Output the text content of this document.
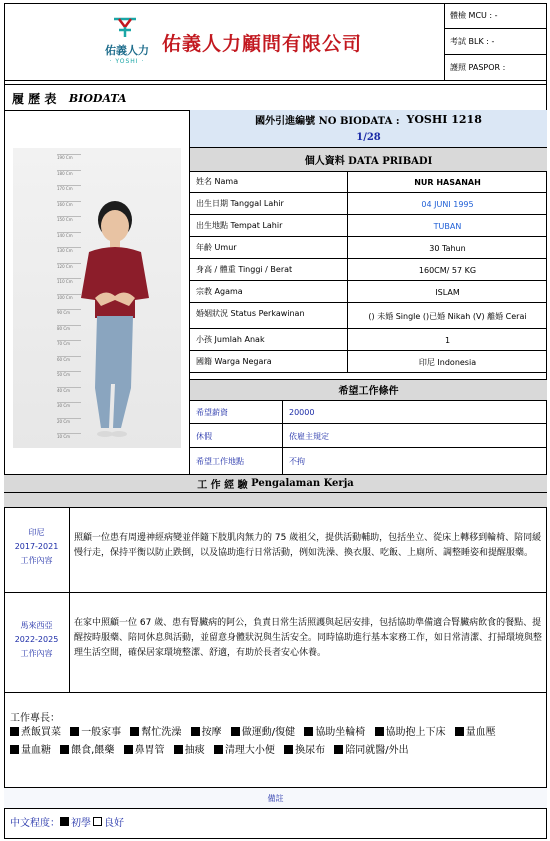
佑義人力
· YOSHI ·
佑義人力顧問有限公司
體檢 MCU : -
考試 BLK : -
護照 PASPOR :
履 歷 表
BIODATA
190 Cm
180 Cm
170 Cm
160 Cm
150 Cm
140 Cm
130 Cm
120 Cm
110 Cm
100 Cm
90 Cm
80 Cm
70 Cm
60 Cm
50 Cm
40 Cm
30 Cm
20 Cm
10 Cm
國外引進編號 NO BIODATA :
YOSHI 1218
1/28
個人資料 DATA PRIBADI
姓名 Nama	NUR HASANAH
出生日期 Tanggal Lahir	04 JUNI 1995
出生地點 Tempat Lahir	TUBAN
年齡 Umur	30 Tahun
身高 / 體重 Tinggi / Berat	160CM/ 57 KG
宗教 Agama	ISLAM
婚姻狀況 Status Perkawinan	() 未婚 Single ()已婚 Nikah (V) 離婚 Cerai
小孩 Jumlah Anak	1
國籍 Warga Negara	印尼 Indonesia
希望工作條件
希望薪資	20000
休假	依雇主規定
希望工作地點	不拘
工 作 經 驗
Pengalaman Kerja
印尼
2017-2021
工作內容
照顧一位患有周邊神經病變並伴隨下肢肌肉無力的 75 歲祖父，提供活動輔助，包括坐立、從床上轉移到輪椅、陪同緩慢行走，保持平衡以防止跌倒，以及協助進行日常活動，例如洗澡、換衣服、吃飯、上廁所、調整睡姿和提醒服藥。
馬來西亞
2022-2025
工作內容
在家中照顧一位 67 歲、患有腎臟病的阿公，負責日常生活照護與起居安排，包括協助準備適合腎臟病飲食的餐點、提醒按時服藥、陪同休息與活動，並留意身體狀況與生活安全。同時協助進行基本家務工作，如日常清潔、打掃環境與整理生活空間，確保居家環境整潔、舒適，有助於長者安心休養。
工作專長：
煮飯買菜 一般家事 幫忙洗澡 按摩 做運動/復健 協助坐輪椅 協助抱上下床 量血壓 量血糖 餵食,餵藥 鼻胃管 抽痰 清理大小便 換尿布 陪同就醫/外出
備註
中文程度： 初學 良好
